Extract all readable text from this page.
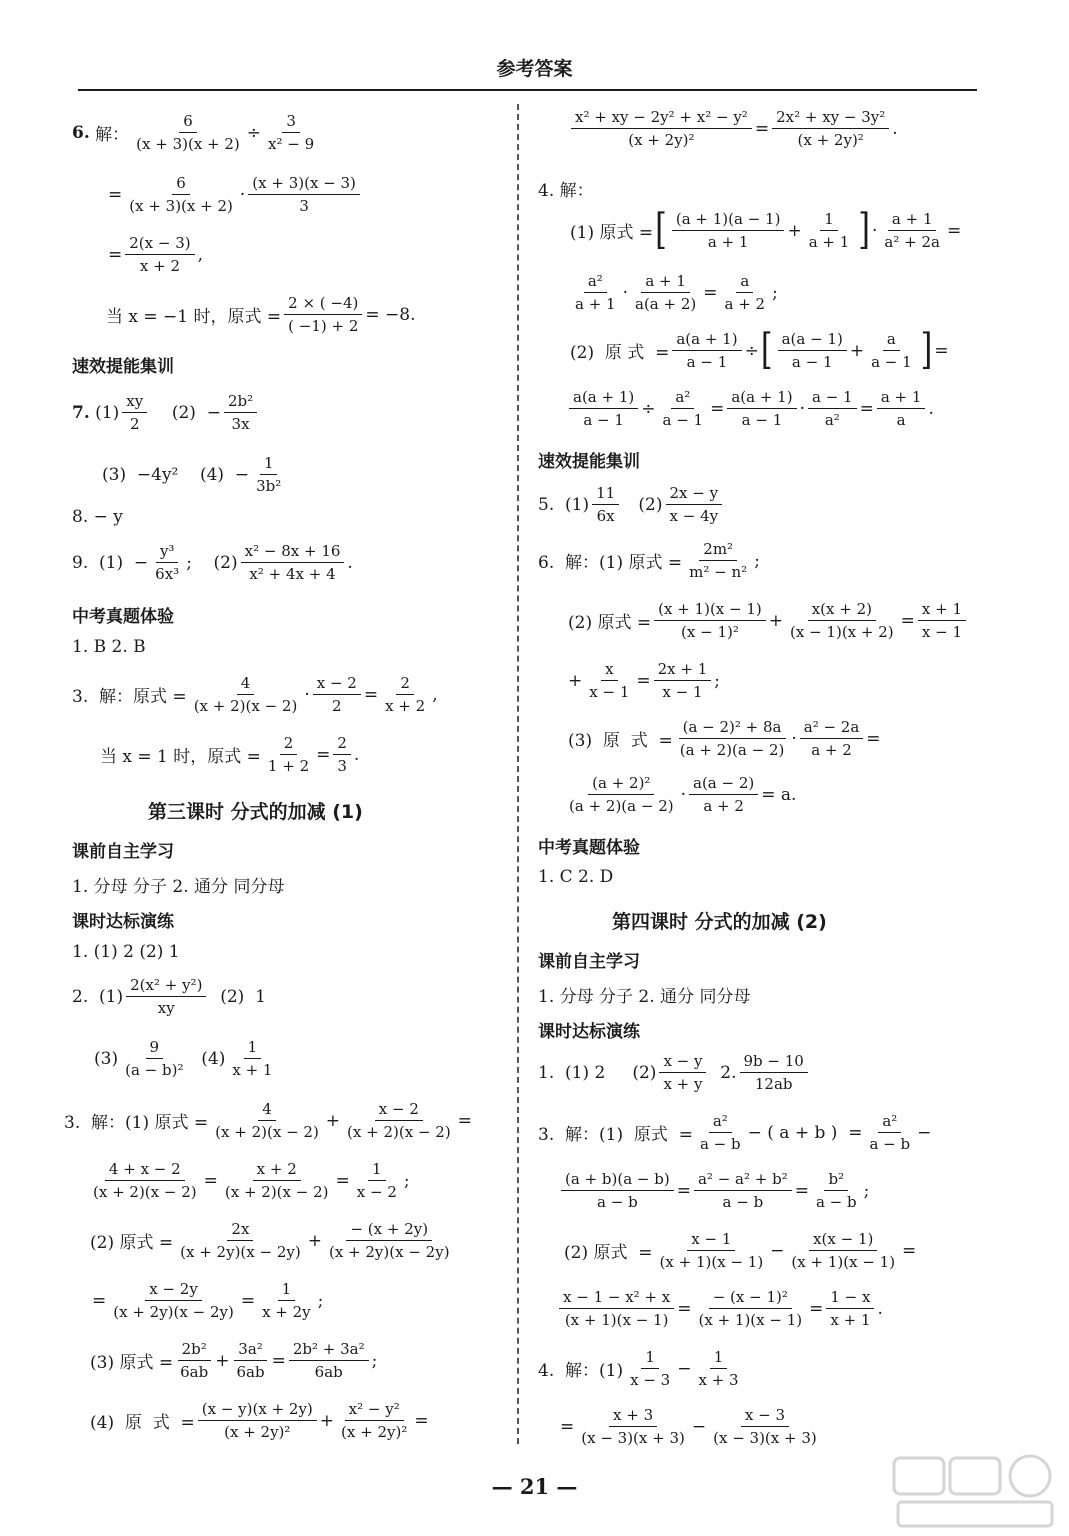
参考答案
6.
解： $\frac{6}{(x + 3)(x + 2)} \div \frac{3}{\text{x² − 9}}$
= $\frac{6}{(x + 3)(x + 2)} \cdot \frac{(x + 3)(x - 3)}{3}$
= $\frac{2(x - 3)}{x + 2}$ ,
当 x = −1 时，原式 = $\frac{2 \times ( -4)}{( -1) + 2} = -8$.
速效提能集训
7.
$(1) \frac{xy}{2}$
$(2) - \frac{\text{2b²}}{3x}$
(3)  −4y²    $(4) - \frac{1}{\text{3b²}}$
8. − y
9.  $(1) - \frac{\text{y³}}{\text{6x³}}$ ;    $(2) \frac{\text{x² − 8x + 16}}{\text{x² + 4x + 4}}$ .
中考真题体验
1. B 2. B
3.  解：原式 = $\frac{4}{(x + 2)(x - 2)} \cdot \frac{x - 2}{2} = \frac{2}{x + 2}$ ,
当 x = 1 时，原式 = $\frac{2}{1 + 2} = \frac{2}{3}$ .
第三课时 分式的加减 (1)
课前自主学习
1. 分母 分子 2. 通分 同分母
课时达标演练
1. (1) 2 (2) 1
2.  $(1) \frac{\text{2(x² + y²)}}{xy} (2)$  1
$(3) \frac{9}{\text{(a − b)²}} (4) \frac{1}{x + 1}$
3.  解：(1) 原式 = $\frac{4}{(x + 2)(x - 2)} + \frac{x - 2}{(x + 2)(x - 2)}$ =
$\frac{4 + x - 2}{(x + 2)(x - 2)} = \frac{x + 2}{(x + 2)(x - 2)} = \frac{1}{x - 2}$ ;
(2) 原式 = $\frac{2x}{(x + 2y)(x - 2y)} + \frac{- (x + 2y)}{(x + 2y)(x - 2y)}$
= $\frac{x - 2y}{(x + 2y)(x - 2y)} = \frac{1}{x + 2y}$ ;
(3) 原式 = $\frac{\text{2b²}}{6ab} + \frac{\text{3a²}}{6ab} = \frac{\text{2b² + 3a²}}{6ab}$ ;
(4)  原  式  = $\frac{(x - y)(x + 2y)}{\text{(x + 2y)²}} + \frac{\text{x² − y²}}{\text{(x + 2y)²}}$ =
$\frac{\text{x² + xy − 2y² + x² − y²}}{\text{(x + 2y)²}} = \frac{\text{2x² + xy − 3y²}}{\text{(x + 2y)²}}$ .
4. 解：
(1) 原式 = [ $\frac{(a + 1)(a - 1)}{a + 1} + \frac{1}{a + 1}$ ] · $\frac{a + 1}{\text{a² + 2a}}$ =
$\frac{\text{a²}}{a + 1} \cdot \frac{a + 1}{a(a + 2)} = \frac{a}{a + 2}$ ;
(2)  原 式  = $\frac{a(a + 1)}{a - 1}$ ÷ [ $\frac{a(a - 1)}{a - 1} + \frac{a}{a - 1}$ ] =
$\frac{a(a + 1)}{a - 1} \div \frac{\text{a²}}{a - 1} = \frac{a(a + 1)}{a - 1} \cdot \frac{a - 1}{\text{a²}} = \frac{a + 1}{a}$ .
速效提能集训
5.  $(1) \frac{11}{6x} (2) \frac{2x - y}{x - 4y}$
6.  解：(1) 原式 = $\frac{\text{2m²}}{\text{m² − n²}}$ ;
(2) 原式 = $\frac{(x + 1)(x - 1)}{\text{(x − 1)²}} + \frac{x(x + 2)}{(x - 1)(x + 2)} = \frac{x + 1}{x - 1}$
+ $\frac{x}{x - 1} = \frac{2x + 1}{x - 1}$ ;
(3)  原  式  = $\frac{\text{(a − 2)² + 8a}}{(a + 2)(a - 2)} \cdot \frac{\text{a² − 2a}}{a + 2}$ =
$\frac{\text{(a + 2)²}}{(a + 2)(a - 2)} \cdot \frac{a(a - 2)}{a + 2} = a$.
中考真题体验
1. C 2. D
第四课时 分式的加减 (2)
课前自主学习
1. 分母 分子 2. 通分 同分母
课时达标演练
1.  (1) 2     $(2) \frac{x - y}{x + y} 2$. $\frac{9b - 10}{12ab}$
3.  解：(1)  原式  = $\frac{\text{a²}}{a - b}$ − ( a + b )  = $\frac{\text{a²}}{a - b}$ −
$\frac{(a + b)(a - b)}{a - b} = \frac{\text{a² − a² + b²}}{a - b} = \frac{\text{b²}}{a - b}$ ;
(2) 原式  = $\frac{x - 1}{(x + 1)(x - 1)} - \frac{x(x - 1)}{(x + 1)(x - 1)}$ =
$\frac{\text{x − 1 − x² + x}}{(x + 1)(x - 1)} = \frac{\text{− (x − 1)²}}{(x + 1)(x - 1)} = \frac{1 - x}{x + 1}$ .
4.  解：$(1) \frac{1}{x - 3} - \frac{1}{x + 3}$
= $\frac{x + 3}{(x - 3)(x + 3)} - \frac{x - 3}{(x - 3)(x + 3)}$
— 21 —
